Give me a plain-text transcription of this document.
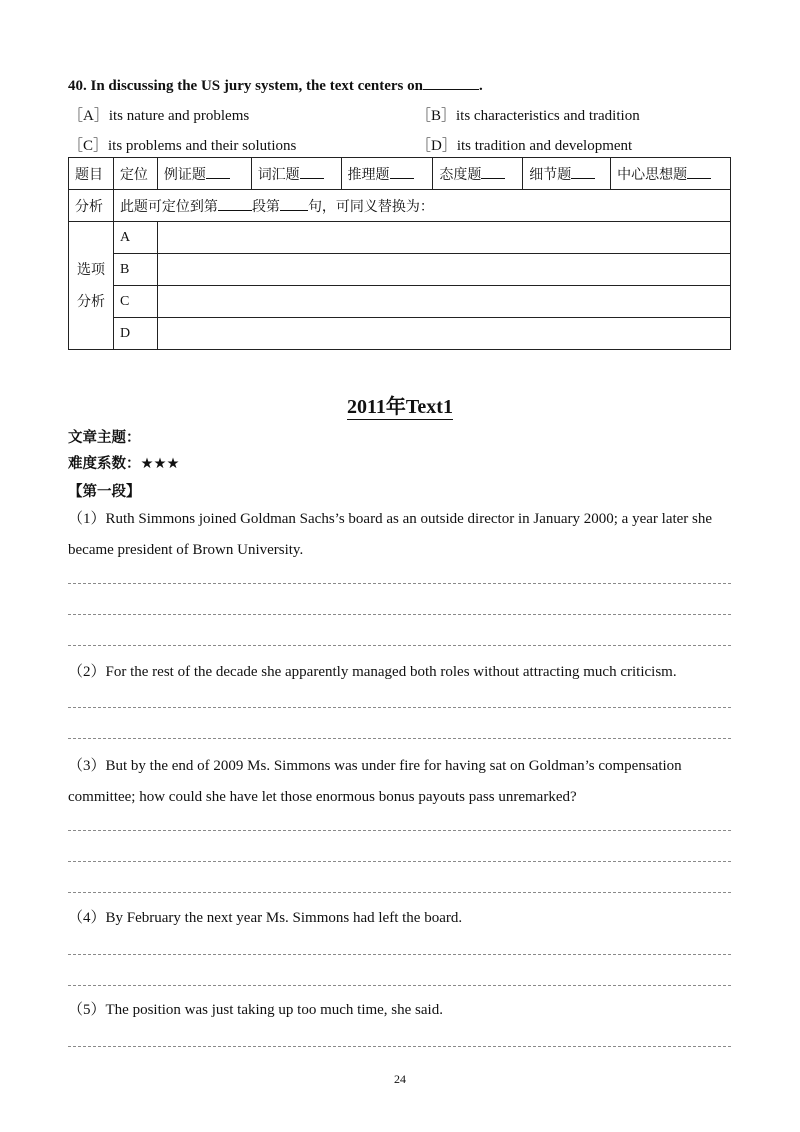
40. In discussing the US jury system, the text centers on	.
［A］its nature and problems	［B］its characteristics and tradition
［C］its problems and their solutions	［D］its tradition and development
题目	定位	例证题	词汇题	推理题	态度题	细节题	中心思想题
分析	此题可定位到第 段第 句，可同义替换为：						

选项
分析	A						
	B						
	C						
	D						
2011年Text1
文章主题：
难度系数：★★★
【第一段】
（1）Ruth Simmons joined Goldman Sachs’s board as an outside director in January 2000; a year later she became president of Brown University.
（2）For the rest of the decade she apparently managed both roles without attracting much criticism.
（3）But by the end of 2009 Ms. Simmons was under fire for having sat on Goldman’s compensation committee; how could she have let those enormous bonus payouts pass unremarked?
（4）By February the next year Ms. Simmons had left the board.
（5）The position was just taking up too much time, she said.
24
